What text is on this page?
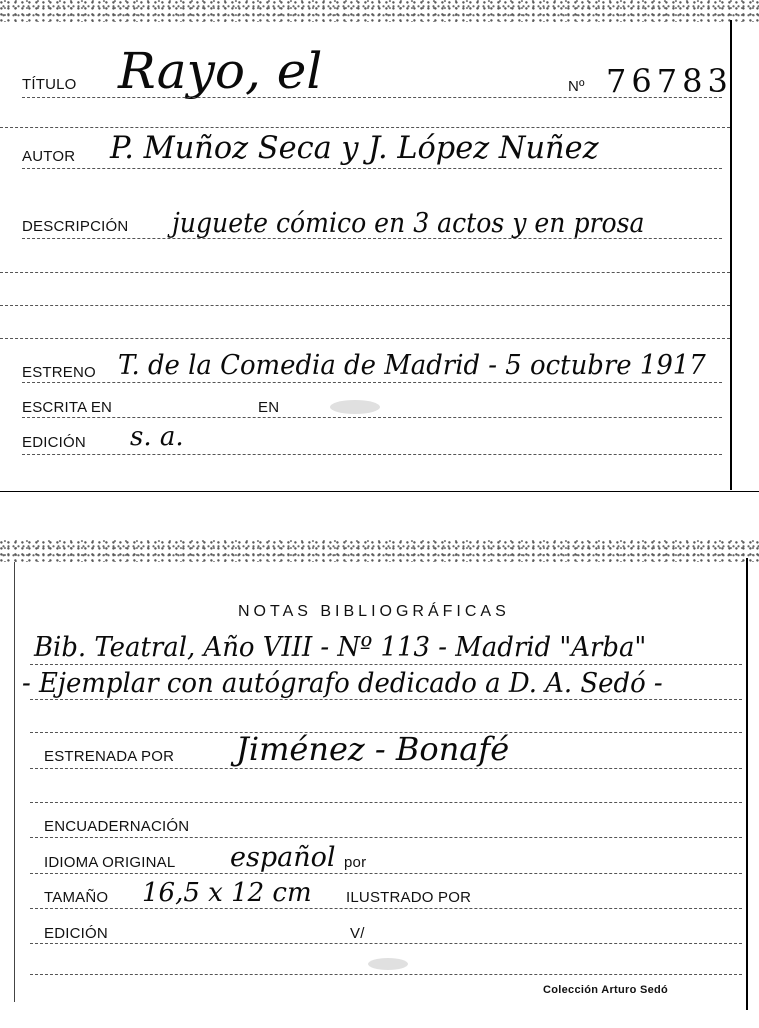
TÍTULO Rayo, el	Nº 76783
AUTOR P. Muñoz Seca y J. López Nuñez
DESCRIPCIÓN juguete cómico en 3 actos y en prosa
ESTRENO T. de la Comedia de Madrid - 5 octubre 1917
ESCRITA EN	EN
EDICIÓN s. a.
NOTAS BIBLIOGRÁFICAS
Bib. Teatral, Año VIII - Nº 113 - Madrid "Arba"
- Ejemplar con autógrafo dedicado a D. A. Sedó -
ESTRENADA POR Jiménez - Bonafé
ENCUADERNACIÓN
IDIOMA ORIGINAL español por
TAMAÑO 16,5 x 12 cm ILUSTRADO POR
EDICIÓN	V/
Colección Arturo Sedó
